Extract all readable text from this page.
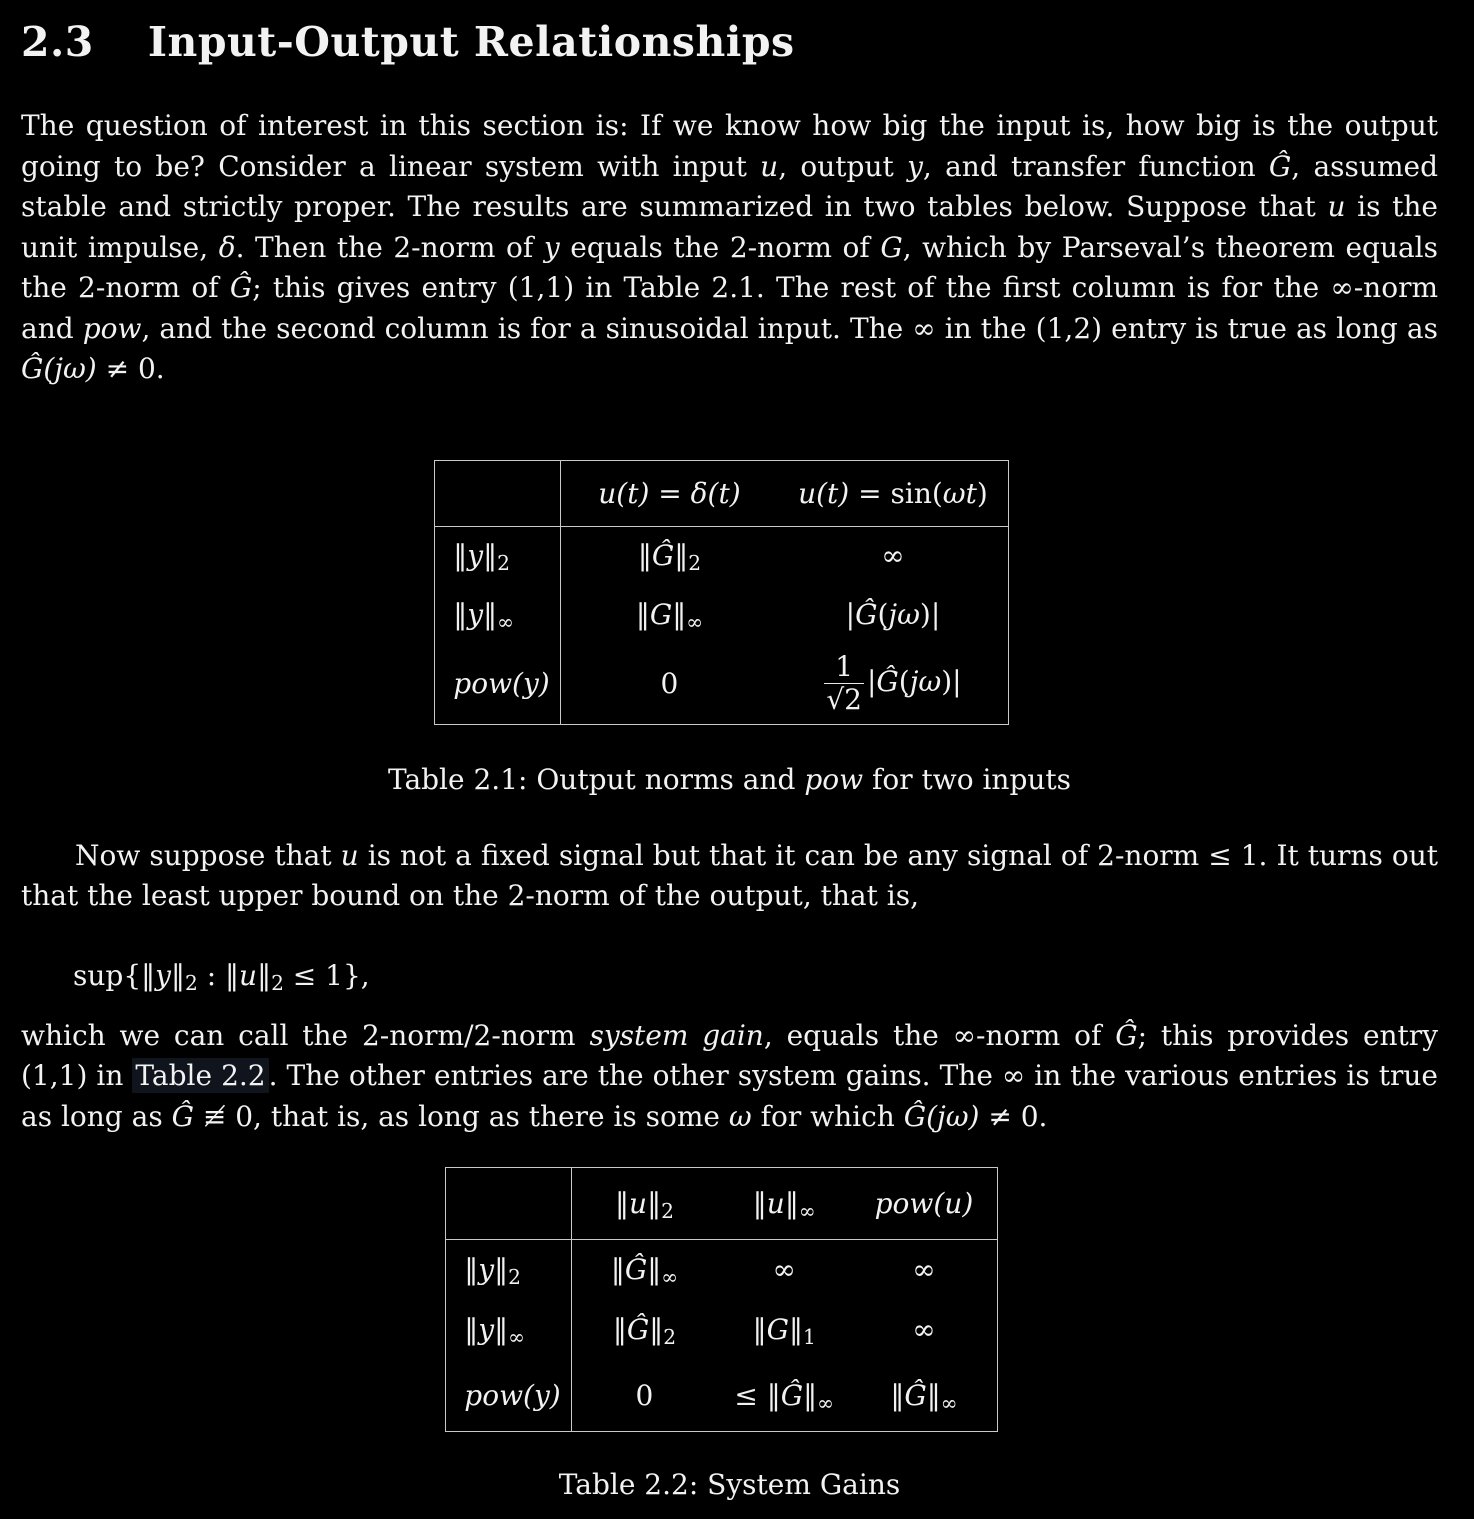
2.3 Input-Output Relationships

The question of interest in this section is: If we know how big the input is, how big is the output going to be? Consider a linear system with input u, output y, and transfer function Ĝ, assumed stable and strictly proper. The results are summarized in two tables below. Suppose that u is the unit impulse, δ. Then the 2-norm of y equals the 2-norm of G, which by Parseval’s theorem equals the 2-norm of Ĝ; this gives entry (1,1) in Table 2.1. The rest of the first column is for the ∞-norm and pow, and the second column is for a sinusoidal input. The ∞ in the (1,2) entry is true as long as Ĝ(jω) ≠ 0.

	u(t) = δ(t)	u(t) = sin(ωt)
$‖y‖_2$	$‖Ĝ‖_2$	∞
$‖y‖_\infty$	$‖G‖_\infty$	|Ĝ(jω)|
pow(y)	0	$\frac{1}{√2}$ |Ĝ(jω)|
Table 2.1: Output norms and pow for two inputs

Now suppose that u is not a fixed signal but that it can be any signal of 2-norm ≤ 1. It turns out that the least upper bound on the 2-norm of the output, that is,

$sup\{‖y‖_2$ : $‖u‖_2 \le 1$},

which we can call the 2-norm/2-norm system gain, equals the ∞-norm of Ĝ; this provides entry (1,1) in Table 2.2 . The other entries are the other system gains. The ∞ in the various entries is true as long as Ĝ ≢ 0, that is, as long as there is some ω for which Ĝ(jω) ≠ 0.

	$‖u‖_2$	$‖u‖_\infty$	pow(u)
$‖y‖_2$	$‖Ĝ‖_\infty$	∞	∞
$‖y‖_\infty$	$‖Ĝ‖_2$	$‖G‖_1$	∞
pow(y)	0	≤ $‖Ĝ‖_\infty$	$‖Ĝ‖_\infty$
Table 2.2: System Gains
